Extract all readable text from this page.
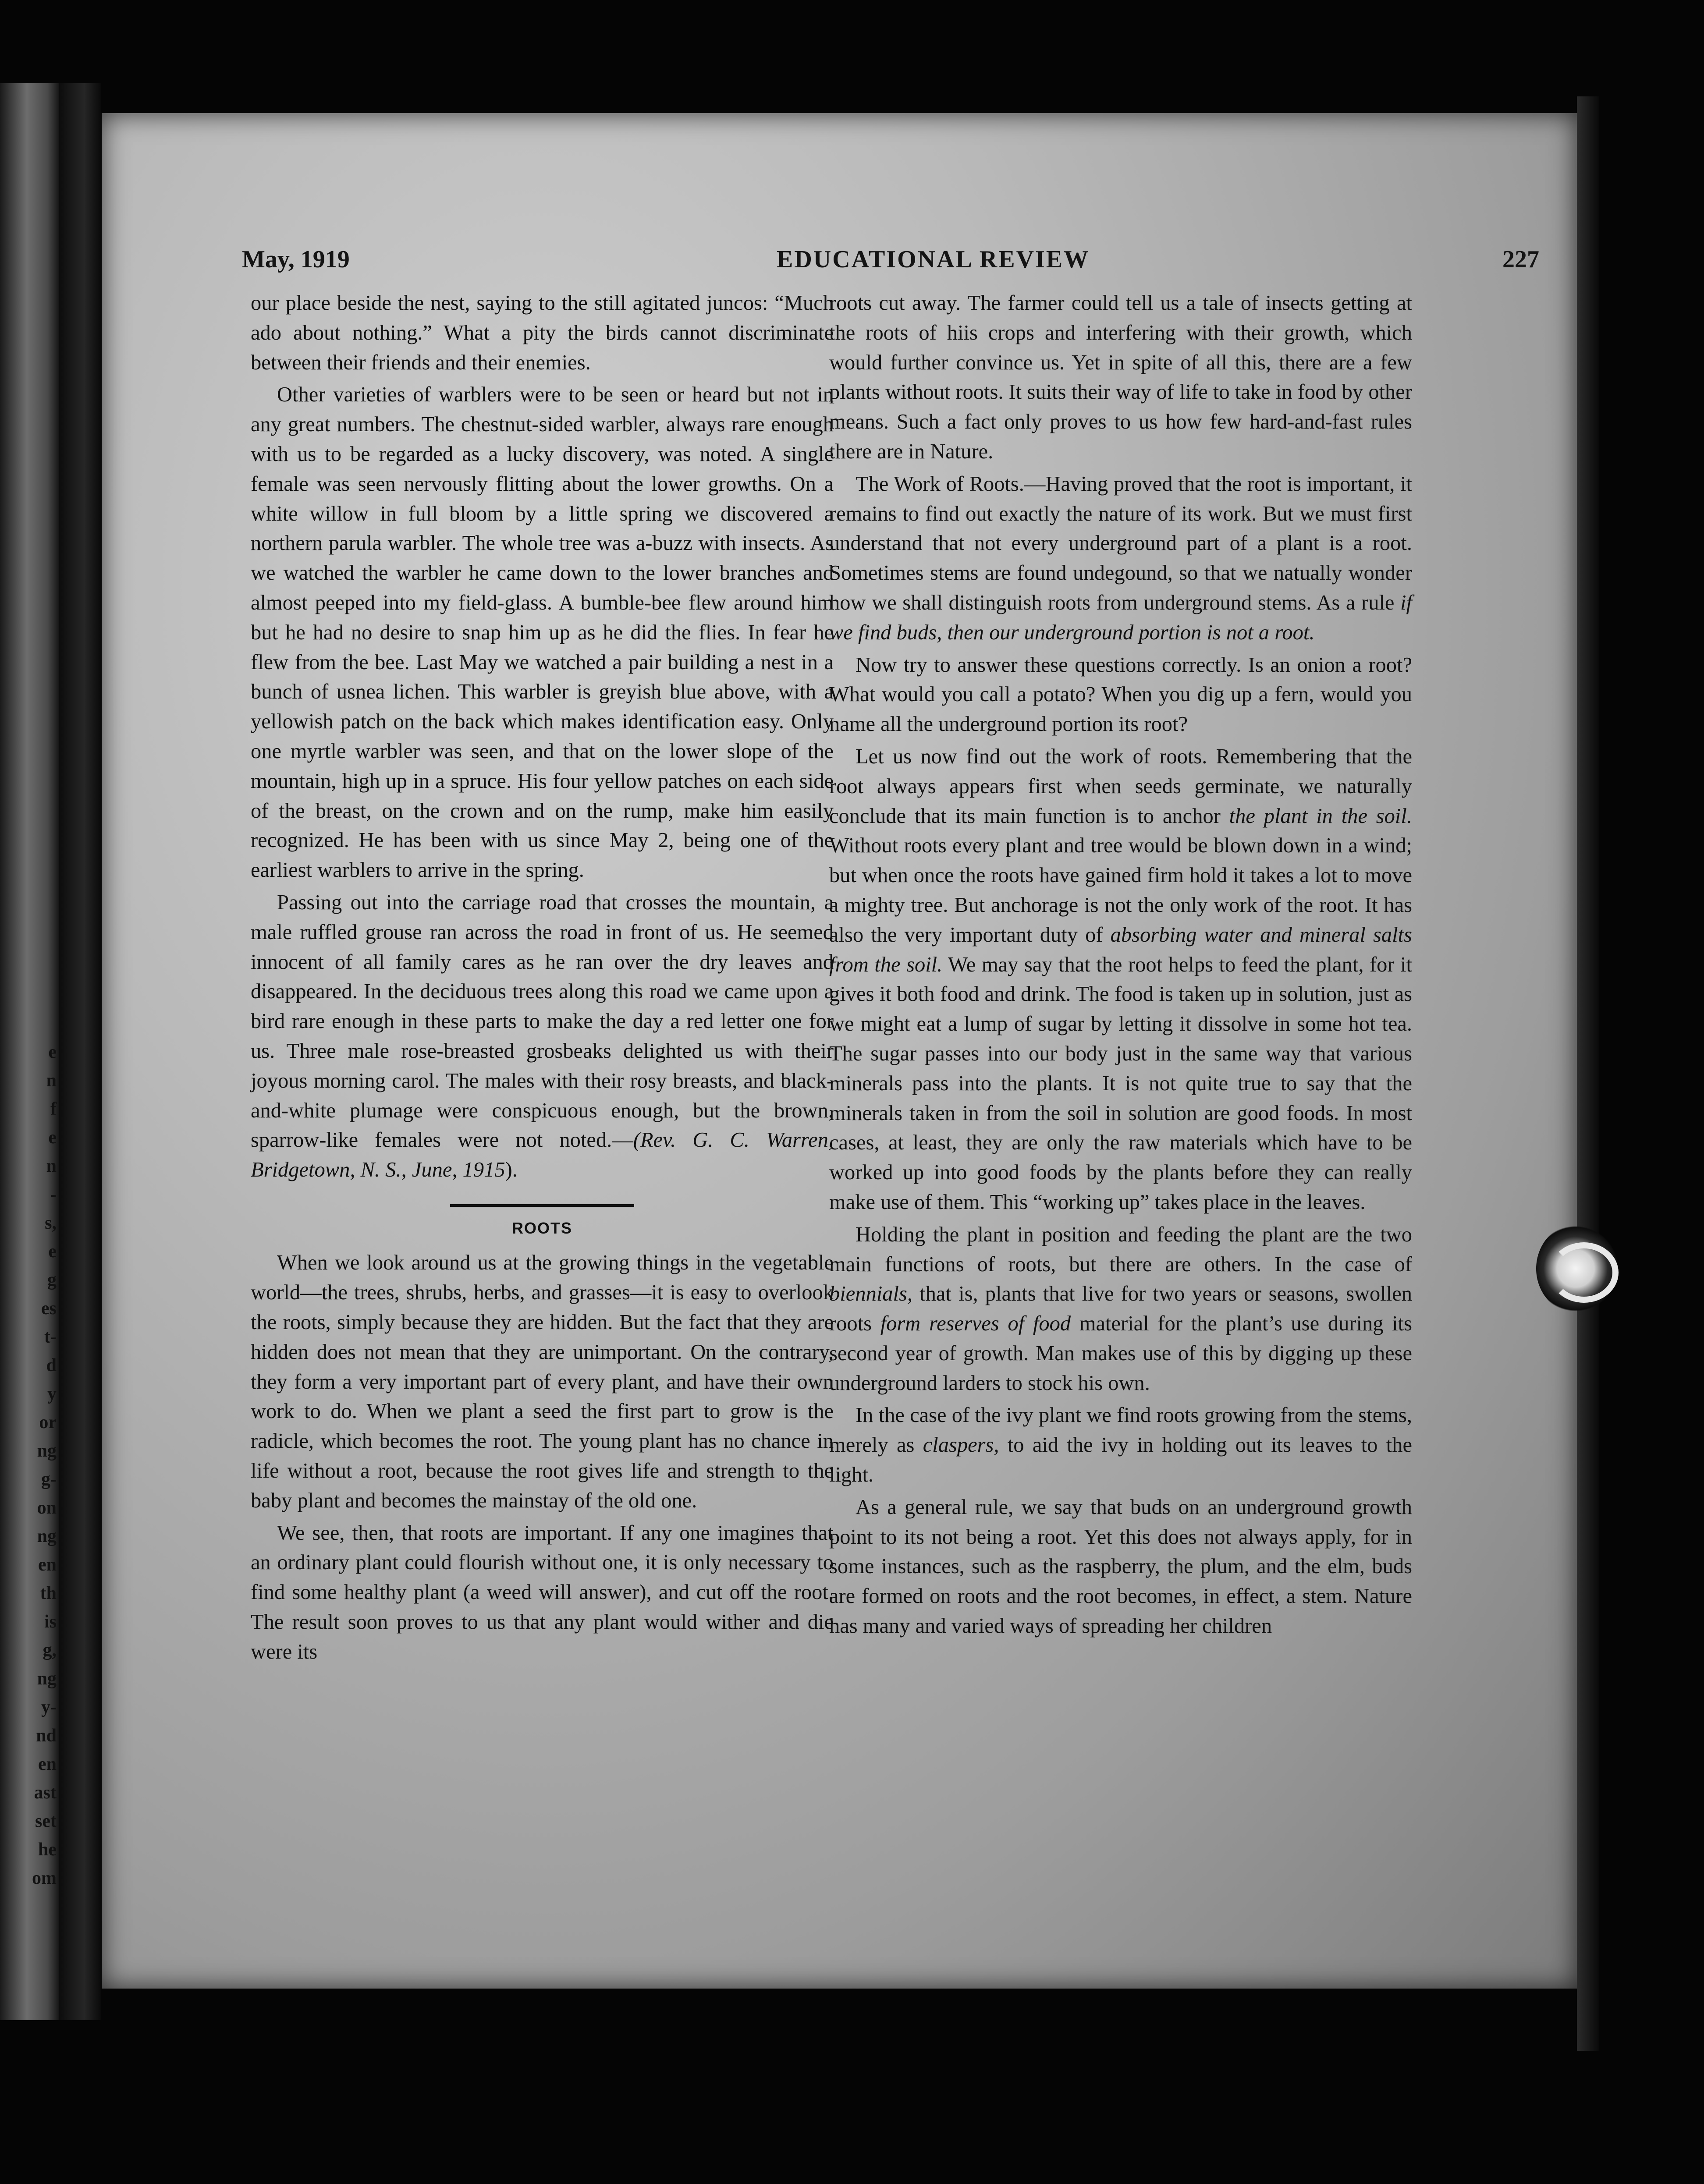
e
n
f
e
n
-
s,
e
g
es
t-
d
y
or
ng
g-
on
ng
en
th
is
g,
ng
y-
nd
en
ast
set
he
om
May, 1919	EDUCATIONAL REVIEW	227

our place beside the nest, saying to the still agitated juncos: “Much ado about nothing.” What a pity the birds cannot discriminate between their friends and their enemies.

Other varieties of warblers were to be seen or heard but not in any great numbers. The chestnut-sided warbler, always rare enough with us to be regarded as a lucky discovery, was noted. A single female was seen nervously flitting about the lower growths. On a white willow in full bloom by a little spring we discovered a northern parula warbler. The whole tree was a-buzz with insects. As we watched the warbler he came down to the lower branches and almost peeped into my field-glass. A bumble-bee flew around him but he had no desire to snap him up as he did the flies. In fear he flew from the bee. Last May we watched a pair building a nest in a bunch of usnea lichen. This warbler is greyish blue above, with a yellowish patch on the back which makes identification easy. Only one myrtle warbler was seen, and that on the lower slope of the mountain, high up in a spruce. His four yellow patches on each side of the breast, on the crown and on the rump, make him easily recognized. He has been with us since May 2, being one of the earliest warblers to arrive in the spring.

Passing out into the carriage road that crosses the mountain, a male ruffled grouse ran across the road in front of us. He seemed innocent of all family cares as he ran over the dry leaves and disappeared. In the deciduous trees along this road we came upon a bird rare enough in these parts to make the day a red letter one for us. Three male rose-breasted grosbeaks delighted us with their joyous morning carol. The males with their rosy breasts, and black-and-white plumage were conspicuous enough, but the brown, sparrow-like females were not noted.—(Rev. G. C. Warren, Bridgetown, N. S., June, 1915).

ROOTS

When we look around us at the growing things in the vegetable world—the trees, shrubs, herbs, and grasses—it is easy to overlook the roots, simply because they are hidden. But the fact that they are hidden does not mean that they are unimportant. On the contrary, they form a very important part of every plant, and have their own work to do. When we plant a seed the first part to grow is the radicle, which becomes the root. The young plant has no chance in life without a root, because the root gives life and strength to the baby plant and becomes the mainstay of the old one.

We see, then, that roots are important. If any one imagines that an ordinary plant could flourish without one, it is only necessary to find some healthy plant (a weed will answer), and cut off the root. The result soon proves to us that any plant would wither and die were its

roots cut away. The farmer could tell us a tale of insects getting at the roots of hiis crops and interfering with their growth, which would further convince us. Yet in spite of all this, there are a few plants without roots. It suits their way of life to take in food by other means. Such a fact only proves to us how few hard-and-fast rules there are in Nature.

The Work of Roots.—Having proved that the root is important, it remains to find out exactly the nature of its work. But we must first understand that not every underground part of a plant is a root. Sometimes stems are found undegound, so that we natually wonder how we shall distinguish roots from underground stems. As a rule if we find buds, then our underground portion is not a root.

Now try to answer these questions correctly. Is an onion a root? What would you call a potato? When you dig up a fern, would you name all the underground portion its root?

Let us now find out the work of roots. Remembering that the root always appears first when seeds germinate, we naturally conclude that its main function is to anchor the plant in the soil. Without roots every plant and tree would be blown down in a wind; but when once the roots have gained firm hold it takes a lot to move a mighty tree. But anchorage is not the only work of the root. It has also the very important duty of absorbing water and mineral salts from the soil. We may say that the root helps to feed the plant, for it gives it both food and drink. The food is taken up in solution, just as we might eat a lump of sugar by letting it dissolve in some hot tea. The sugar passes into our body just in the same way that various minerals pass into the plants. It is not quite true to say that the minerals taken in from the soil in solution are good foods. In most cases, at least, they are only the raw materials which have to be worked up into good foods by the plants before they can really make use of them. This “working up” takes place in the leaves.

Holding the plant in position and feeding the plant are the two main functions of roots, but there are others. In the case of biennials, that is, plants that live for two years or seasons, swollen roots form reserves of food material for the plant’s use during its second year of growth. Man makes use of this by digging up these underground larders to stock his own.

In the case of the ivy plant we find roots growing from the stems, merely as claspers, to aid the ivy in holding out its leaves to the light.

As a general rule, we say that buds on an underground growth point to its not being a root. Yet this does not always apply, for in some instances, such as the raspberry, the plum, and the elm, buds are formed on roots and the root becomes, in effect, a stem. Nature has many and varied ways of spreading her children
